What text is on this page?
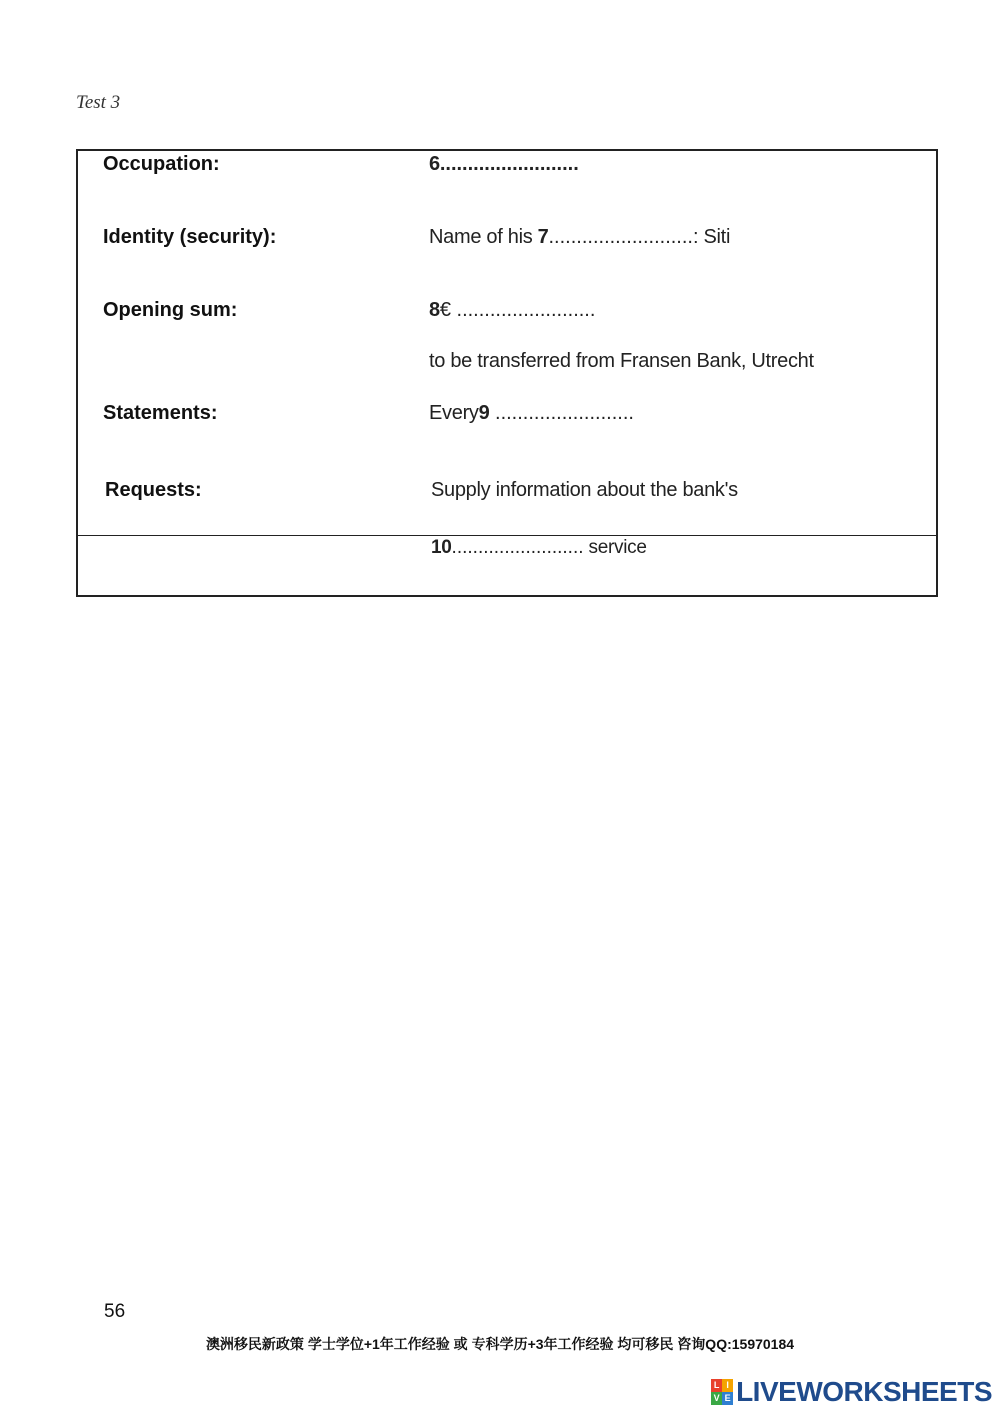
Test 3
Occupation:	6.........................
Identity (security):	Name of his 7..........................: Siti
Opening sum:	8€ .........................
to be transferred from Fransen Bank, Utrecht
Statements:	Every9 .........................
Requests:	Supply information about the bank's
10......................... service
56
澳洲移民新政策 学士学位+1年工作经验 或 专科学历+3年工作经验 均可移民 咨询QQ:15970184
L I
V E LIVEWORKSHEETS
